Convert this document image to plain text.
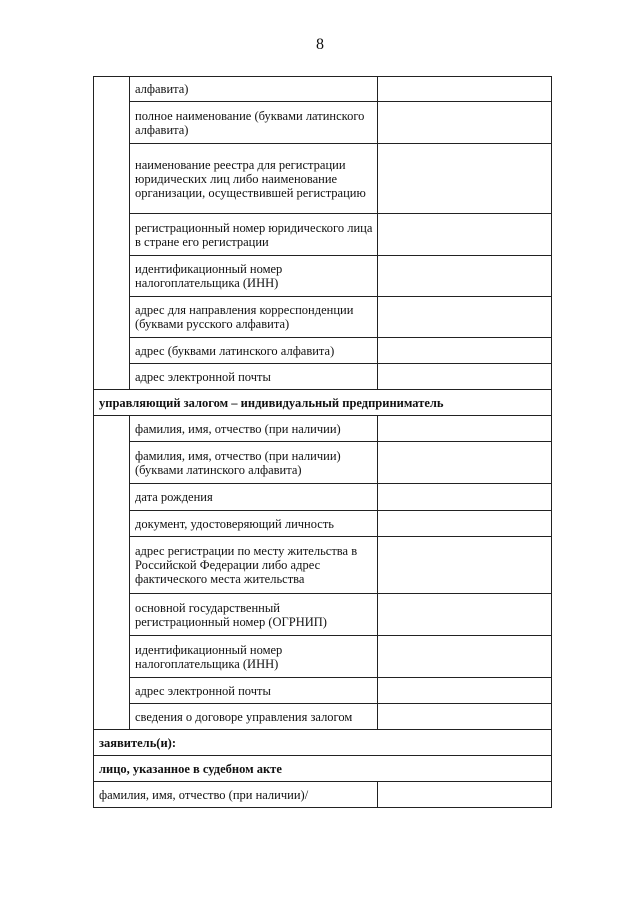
8
	алфавита)	
	полное наименование (буквами латинского алфавита)	
	наименование реестра для регистрации юридических лиц либо наименование организации, осуществившей регистрацию	
	регистрационный номер юридического лица в стране его регистрации	
	идентификационный номер налогоплательщика (ИНН)	
	адрес для направления корреспонденции (буквами русского алфавита)	
	адрес (буквами латинского алфавита)	
	адрес электронной почты	
управляющий залогом – индивидуальный предприниматель		
	фамилия, имя, отчество (при наличии)	
	фамилия, имя, отчество (при наличии) (буквами латинского алфавита)	
	дата рождения	
	документ, удостоверяющий личность	
	адрес регистрации по месту жительства в Российской Федерации либо адрес фактического места жительства	
	основной государственный регистрационный номер (ОГРНИП)	
	идентификационный номер налогоплательщика (ИНН)	
	адрес электронной почты	
	сведения о договоре управления залогом	
заявитель(и):		
лицо, указанное в судебном акте		
фамилия, имя, отчество (при наличии)/		
